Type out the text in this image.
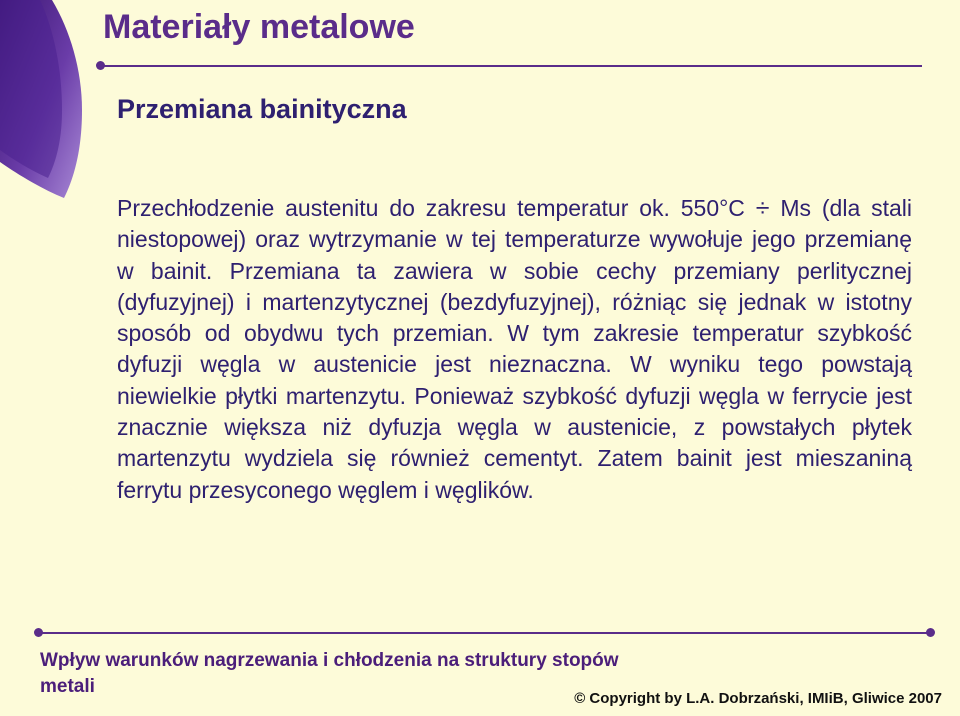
Materiały metalowe
Przemiana bainityczna

Przechłodzenie austenitu do zakresu temperatur ok. 550°C ÷ Ms (dla stali niestopowej) oraz wytrzymanie w tej temperaturze wywołuje jego przemianę w bainit. Przemiana ta zawiera w sobie cechy przemiany perlitycznej (dyfuzyjnej) i martenzytycznej (bezdyfuzyjnej), różniąc się jednak w istotny sposób od obydwu tych przemian. W tym zakresie temperatur szybkość dyfuzji węgla w austenicie jest nieznaczna. W wyniku tego powstają niewielkie płytki martenzytu. Ponieważ szybkość dyfuzji węgla w ferrycie jest znacznie większa niż dyfuzja węgla w austenicie, z powstałych płytek martenzytu wydziela się również cementyt. Zatem bainit jest mieszaniną ferrytu przesyconego węglem i węglików.

Wpływ warunków nagrzewania i chłodzenia na struktury stopów metali

© Copyright by L.A. Dobrzański, IMIiB, Gliwice 2007
